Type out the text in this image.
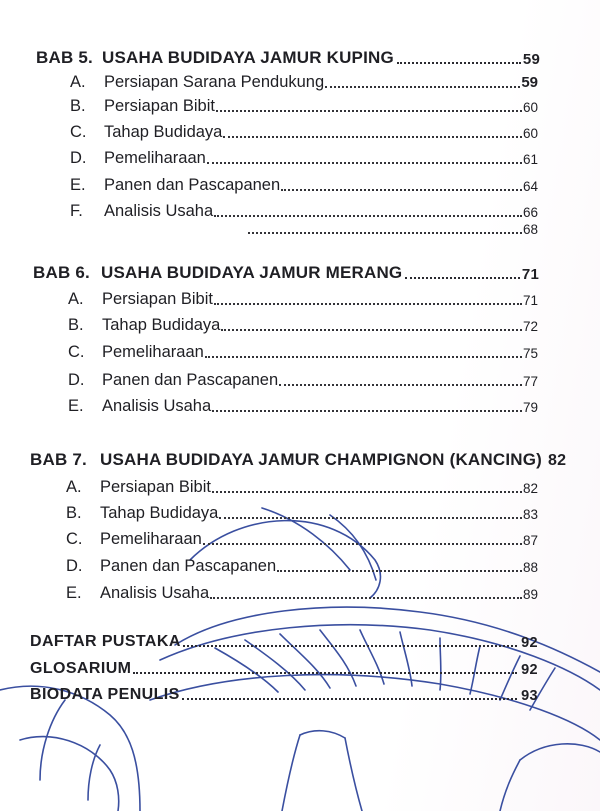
BAB 5. USAHA BUDIDAYA JAMUR KUPING	59
A.	Persiapan Sarana Pendukung	59
B.	Persiapan Bibit	60
C.	Tahap Budidaya	60
D.	Pemeliharaan	61
E.	Panen dan Pascapanen	64
F.	Analisis Usaha	66
68
BAB 6. USAHA BUDIDAYA JAMUR MERANG	71
A.	Persiapan Bibit	71
B.	Tahap Budidaya	72
C.	Pemeliharaan	75
D.	Panen dan Pascapanen	77
E.	Analisis Usaha	79
BAB 7. USAHA BUDIDAYA JAMUR CHAMPIGNON (KANCING) 82
A.	Persiapan Bibit	82
B.	Tahap Budidaya	83
C.	Pemeliharaan	87
D.	Panen dan Pascapanen	88
E.	Analisis Usaha	89
DAFTAR PUSTAKA	92
GLOSARIUM	92
BIODATA PENULIS	93
